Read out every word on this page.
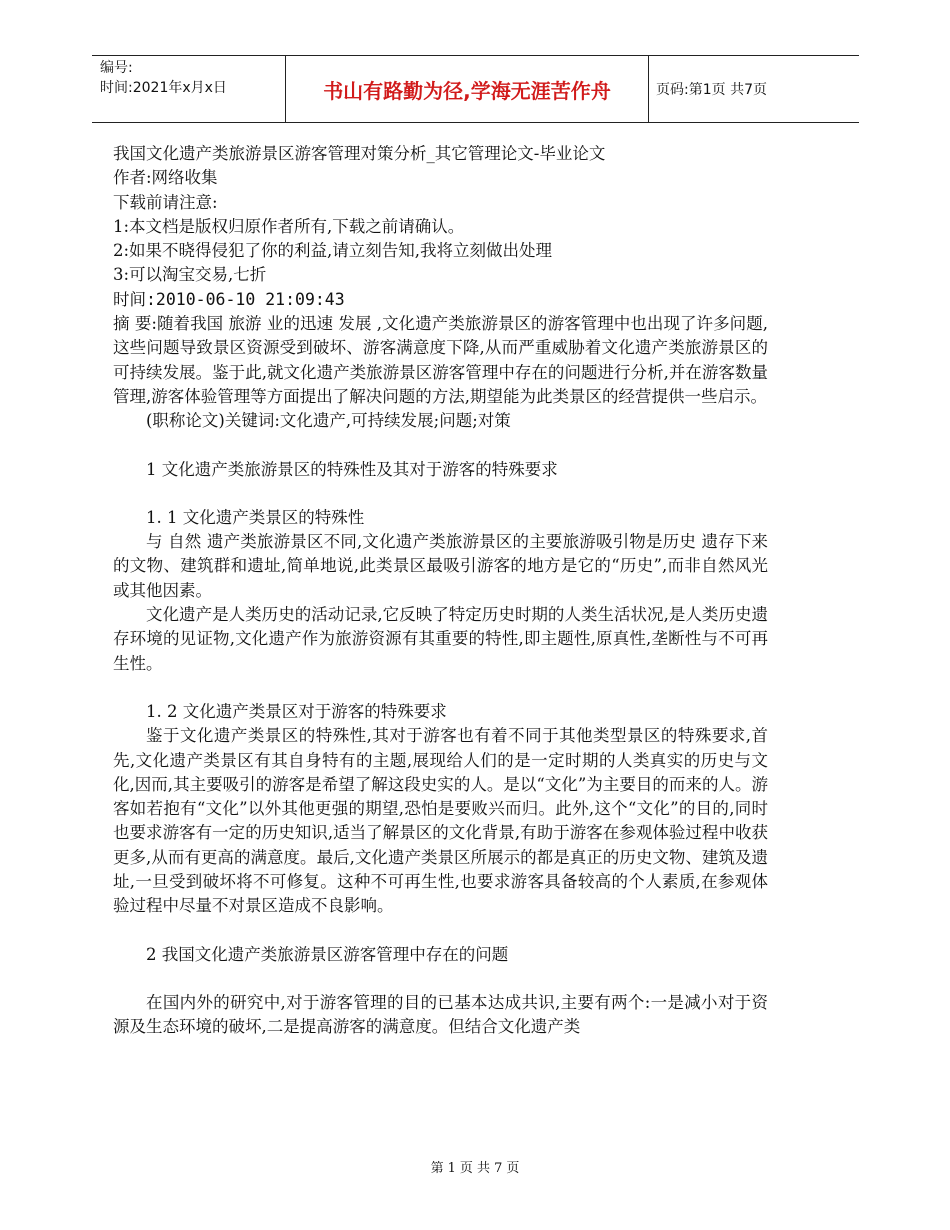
编号:
时间:2021年x月x日	书山有路勤为径,学海无涯苦作舟	页码:第1页 共7页

我国文化遗产类旅游景区游客管理对策分析_其它管理论文-毕业论文

作者:网络收集

下载前请注意:

1:本文档是版权归原作者所有,下载之前请确认。

2:如果不晓得侵犯了你的利益,请立刻告知,我将立刻做出处理

3:可以淘宝交易,七折

时间:2010-06-10 21:09:43

摘 要:随着我国 旅游 业的迅速 发展 ,文化遗产类旅游景区的游客管理中也出现了许多问题,这些问题导致景区资源受到破坏、游客满意度下降,从而严重威胁着文化遗产类旅游景区的可持续发展。鉴于此,就文化遗产类旅游景区游客管理中存在的问题进行分析,并在游客数量管理,游客体验管理等方面提出了解决问题的方法,期望能为此类景区的经营提供一些启示。

(职称论文)关键词:文化遗产,可持续发展;问题;对策

1 文化遗产类旅游景区的特殊性及其对于游客的特殊要求

1. 1 文化遗产类景区的特殊性

与 自然 遗产类旅游景区不同,文化遗产类旅游景区的主要旅游吸引物是历史 遗存下来的文物、建筑群和遗址,简单地说,此类景区最吸引游客的地方是它的“历史”,而非自然风光或其他因素。

文化遗产是人类历史的活动记录,它反映了特定历史时期的人类生活状况,是人类历史遗存环境的见证物,文化遗产作为旅游资源有其重要的特性,即主题性,原真性,垄断性与不可再生性。

1. 2 文化遗产类景区对于游客的特殊要求

鉴于文化遗产类景区的特殊性,其对于游客也有着不同于其他类型景区的特殊要求,首先,文化遗产类景区有其自身特有的主题,展现给人们的是一定时期的人类真实的历史与文化,因而,其主要吸引的游客是希望了解这段史实的人。是以“文化”为主要目的而来的人。游客如若抱有“文化”以外其他更强的期望,恐怕是要败兴而归。此外,这个“文化”的目的,同时也要求游客有一定的历史知识,适当了解景区的文化背景,有助于游客在参观体验过程中收获更多,从而有更高的满意度。最后,文化遗产类景区所展示的都是真正的历史文物、建筑及遗址,一旦受到破坏将不可修复。这种不可再生性,也要求游客具备较高的个人素质,在参观体验过程中尽量不对景区造成不良影响。

2 我国文化遗产类旅游景区游客管理中存在的问题

在国内外的研究中,对于游客管理的目的已基本达成共识,主要有两个:一是减小对于资源及生态环境的破坏,二是提高游客的满意度。但结合文化遗产类

第 1 页 共 7 页
